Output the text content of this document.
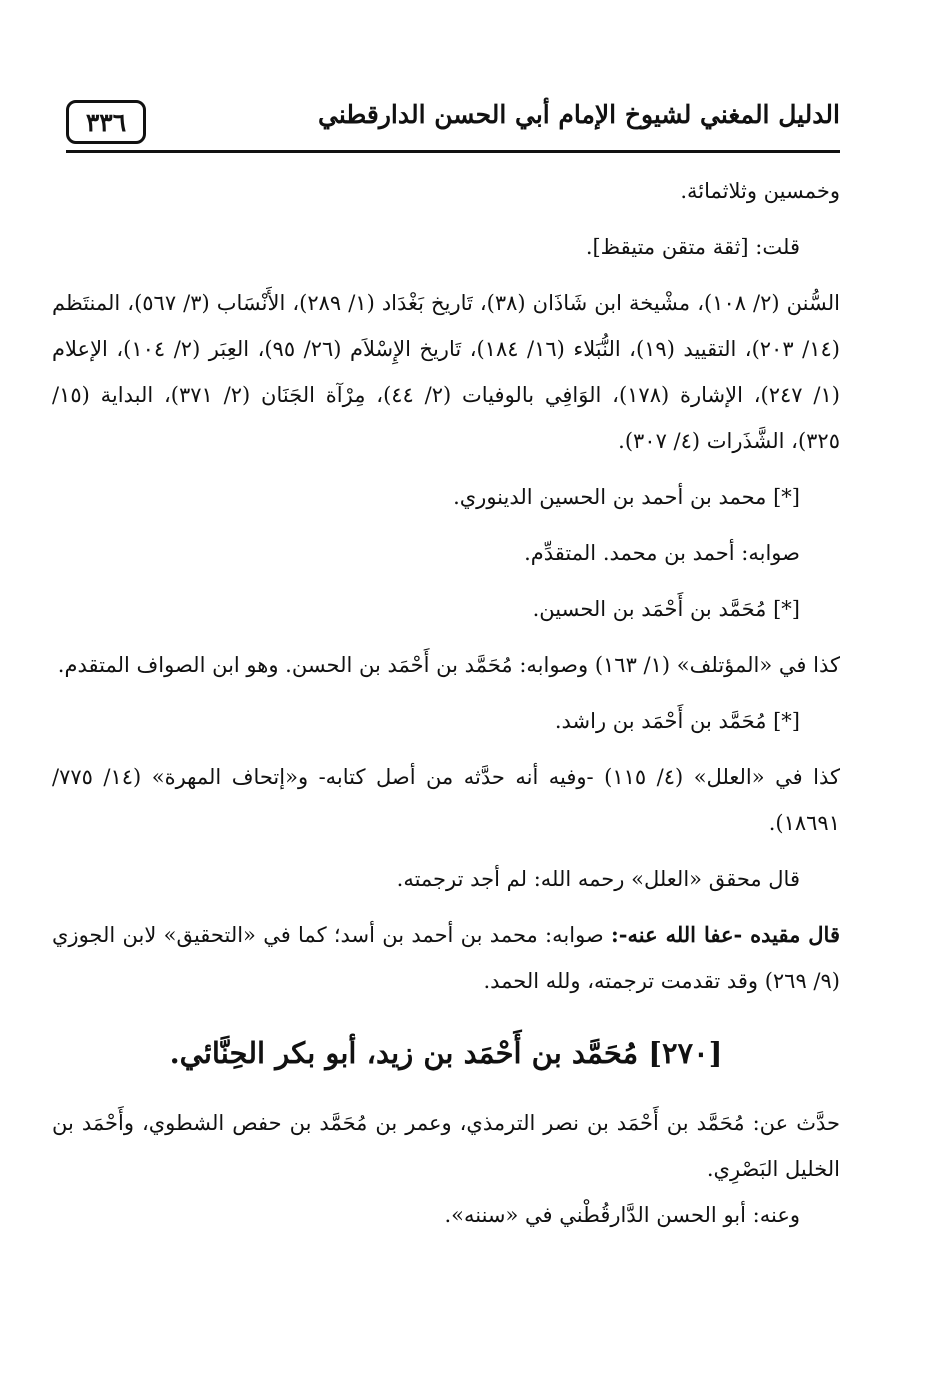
الدليل المغني لشيوخ الإمام أبي الحسن الدارقطني
٣٣٦

وخمسين وثلاثمائة.

قلت: [ثقة متقن متيقظ].

السُّنن (٢/ ١٠٨)، مشْيخة ابن شَاذَان (٣٨)، تَاريخ بَغْدَاد (١/ ٢٨٩)، الأَنْسَاب (٣/ ٥٦٧)، المنتَظم (١٤/ ٢٠٣)، التقييد (١٩)، النُّبَلاء (١٦/ ١٨٤)، تَاريخ الإِسْلاَم (٢٦/ ٩٥)، العِبَر (٢/ ١٠٤)، الإعلام (١/ ٢٤٧)، الإشارة (١٧٨)، الوَافِي بالوفيات (٢/ ٤٤)، مِرْآة الجَنَان (٢/ ٣٧١)، البداية (١٥/ ٣٢٥)، الشَّذَرات (٤/ ٣٠٧).

[*] محمد بن أحمد بن الحسين الدينوري.

صوابه: أحمد بن محمد. المتقدِّم.

[*] مُحَمَّد بن أَحْمَد بن الحسين.

كذا في «المؤتلف» (١/ ١٦٣) وصوابه: مُحَمَّد بن أَحْمَد بن الحسن. وهو ابن الصواف المتقدم.

[*] مُحَمَّد بن أَحْمَد بن راشد.

كذا في «العلل» (٤/ ١١٥) -وفيه أنه حدَّثه من أصل كتابه- و«إتحاف المهرة» (١٤/ ٧٧٥/ ١٨٦٩١).

قال محقق «العلل» رحمه الله: لم أجد ترجمته.

قال مقيده -عفا الله عنه-: صوابه: محمد بن أحمد بن أسد؛ كما في «التحقيق» لابن الجوزي (٩/ ٢٦٩) وقد تقدمت ترجمته، ولله الحمد.

[٢٧٠] مُحَمَّد بن أَحْمَد بن زيد، أبو بكر الحِنَّائي.

حدَّث عن: مُحَمَّد بن أَحْمَد بن نصر الترمذي، وعمر بن مُحَمَّد بن حفص الشطوي، وأَحْمَد بن الخليل البَصْرِي.

وعنه: أبو الحسن الدَّارقُطْني في «سننه».
